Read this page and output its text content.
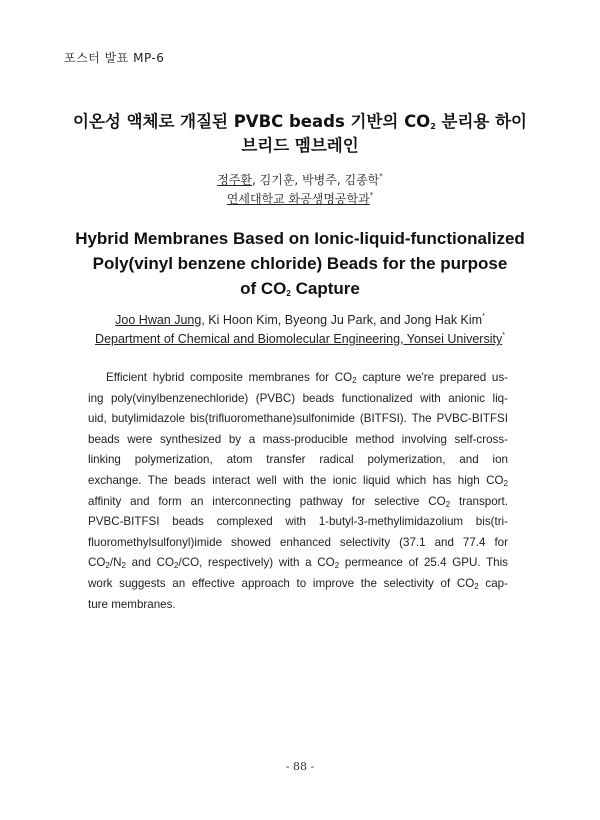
포스터 발표 MP-6
이온성 액체로 개질된 PVBC beads 기반의 $CO_2$ 분리용 하이
브리드 멤브레인
정주환, 김기훈, 박병주, 김종학*
연세대학교 화공생명공학과*
Hybrid Membranes Based on Ionic-liquid-functionalized
Poly(vinyl benzene chloride) Beads for the purpose
of $CO_2$ Capture
Joo Hwan Jung, Ki Hoon Kim, Byeong Ju Park, and Jong Hak Kim*
Department of Chemical and Biomolecular Engineering, Yonsei University*
Efficient hybrid composite membranes for $CO_2$ capture we're prepared us-
ing poly(vinylbenzenechloride) (PVBC) beads functionalized with anionic liq-
uid, butylimidazole bis(trifluoromethane)sulfonimide (BITFSI). The PVBC-BITFSI
beads were synthesized by a mass-producible method involving self-cross-
linking polymerization, atom transfer radical polymerization, and ion
exchange. The beads interact well with the ionic liquid which has high $CO_2$
affinity and form an interconnecting pathway for selective $CO_2$ transport.
PVBC-BITFSI beads complexed with 1-butyl-3-methylimidazolium bis(tri-
fluoromethylsulfonyl)imide showed enhanced selectivity (37.1 and 77.4 for
$CO_2/N_2$ and $CO_2/CO$, respectively) with a $CO_2$ permeance of 25.4 GPU. This
work suggests an effective approach to improve the selectivity of $CO_2$ cap-
ture membranes.
- 88 -
